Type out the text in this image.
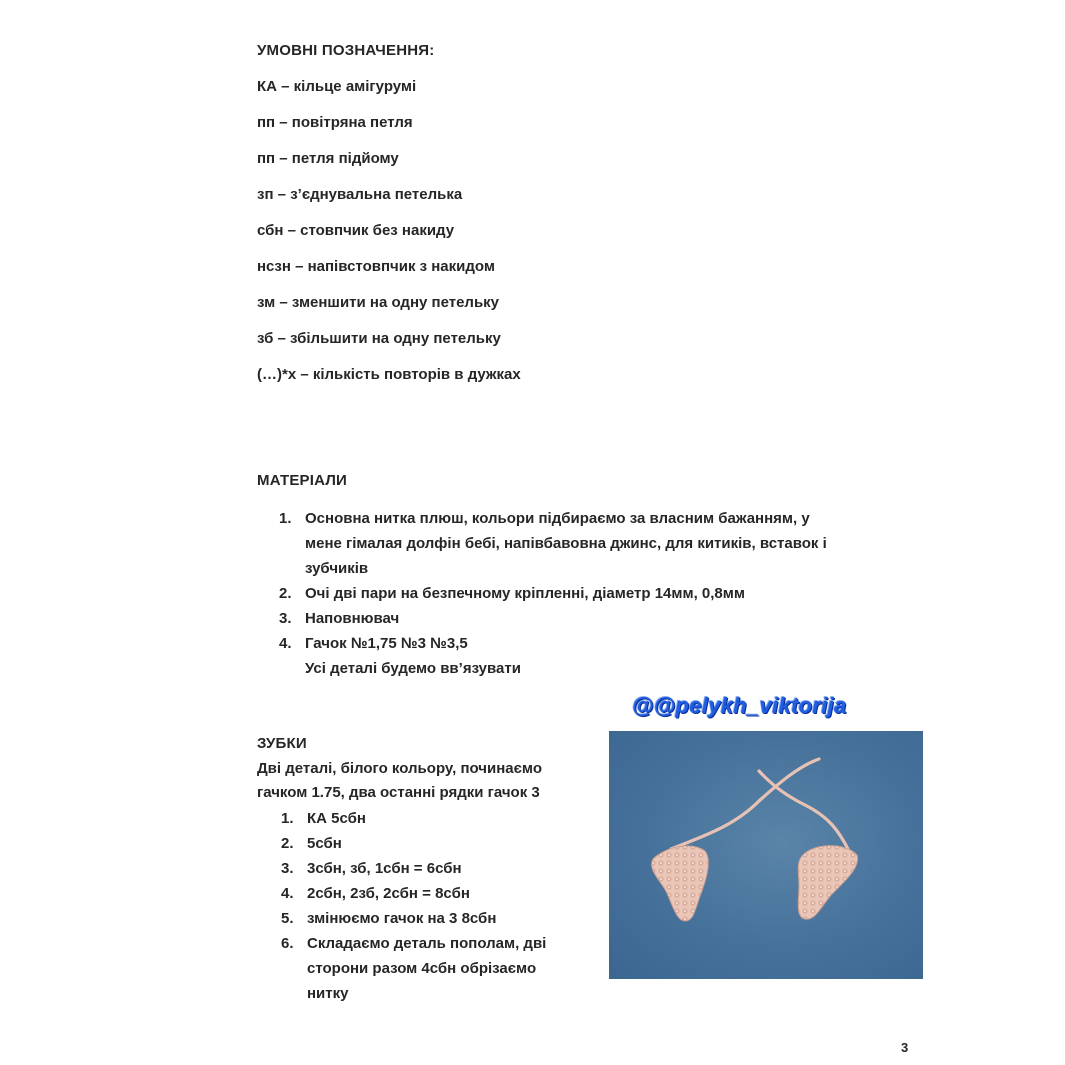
УМОВНІ ПОЗНАЧЕННЯ:
КА – кільце амігурумі
пп – повітряна петля
пп – петля підйому
зп – з’єднувальна петелька
сбн – стовпчик без накиду
нсзн – напівстовпчик з накидом
зм – зменшити на одну петельку
зб – збільшити на одну петельку
(…)*х – кількість повторів в дужках
МАТЕРІАЛИ
1. Основна нитка плюш, кольори підбираємо за власним бажанням, у
мене гімалая долфін бебі, напівбавовна джинс, для китиків, вставок і
зубчиків
2. Очі дві пари на безпечному кріпленні, діаметр 14мм, 0,8мм
3. Наповнювач
4. Гачок №1,75 №3 №3,5
Усі деталі будемо вв’язувати
@@pelykh_viktorija
ЗУБКИ
Дві деталі, білого кольору, починаємо
гачком 1.75, два останні рядки гачок 3
1. КА 5сбн
2. 5сбн
3. 3сбн, зб, 1сбн = 6сбн
4. 2сбн, 2зб, 2сбн = 8сбн
5. змінюємо гачок на 3 8сбн
6. Складаємо деталь пополам, дві
сторони разом 4сбн обрізаємо
нитку
3
